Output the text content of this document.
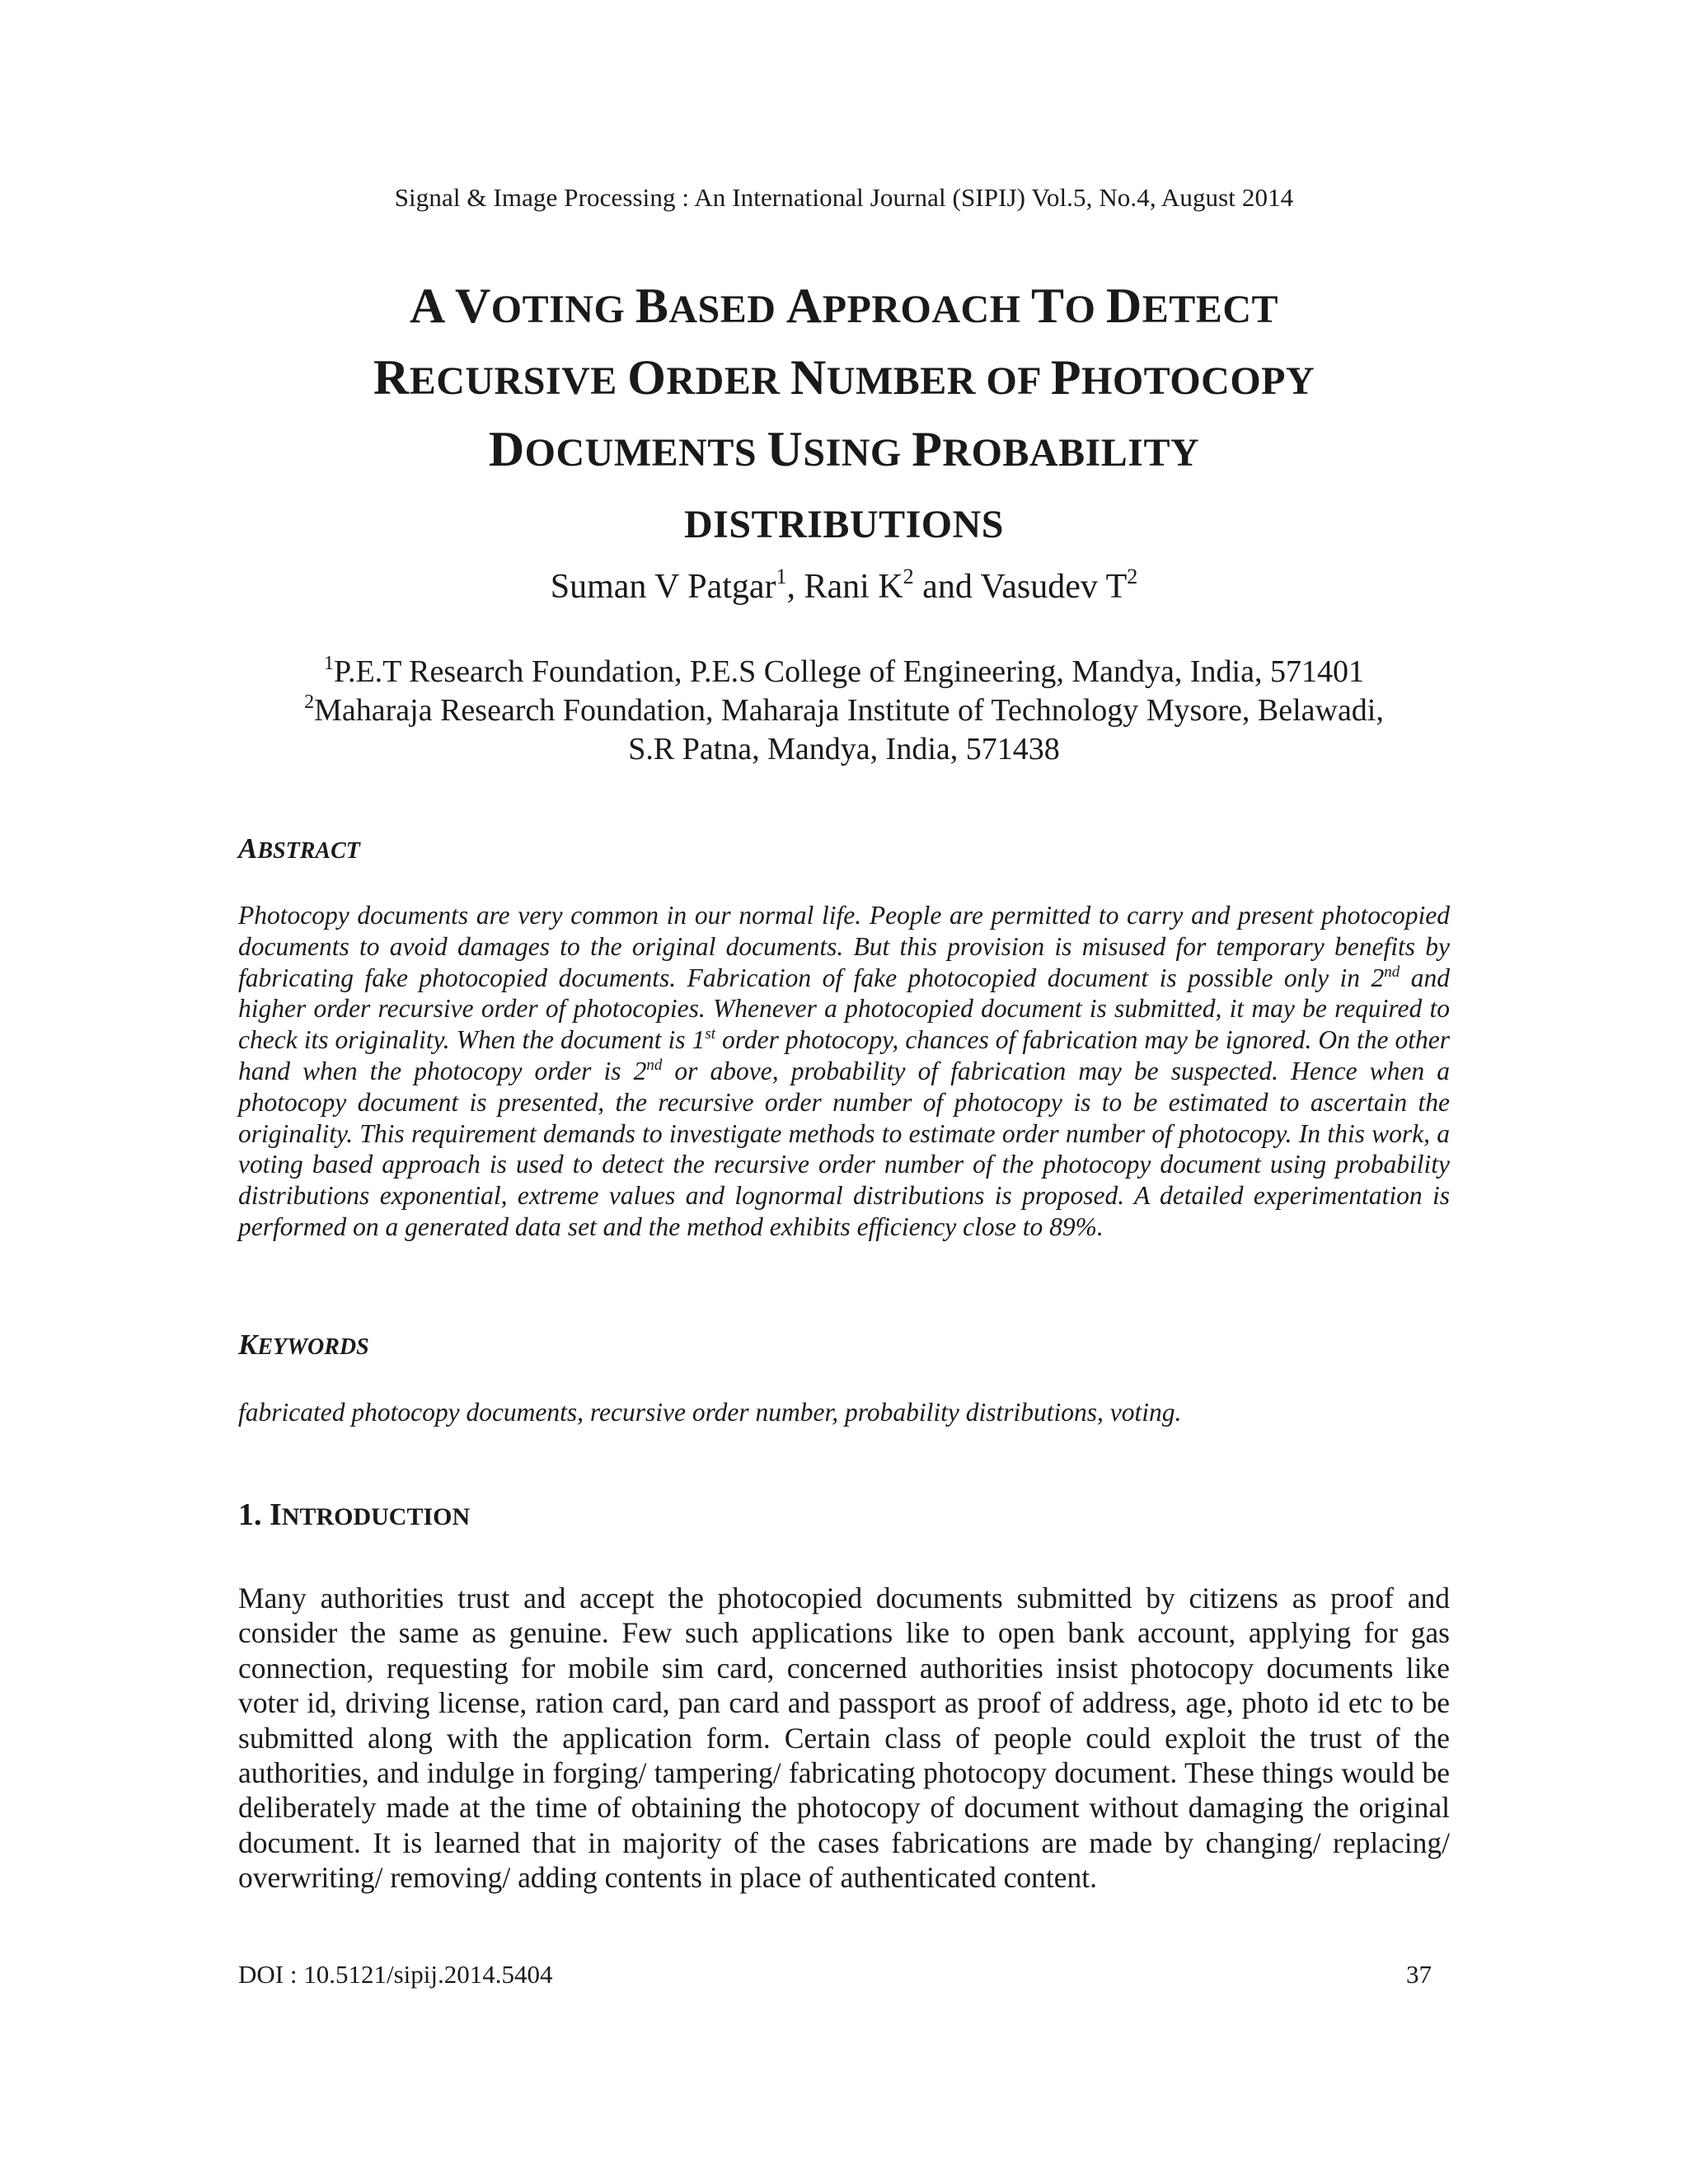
Signal & Image Processing : An International Journal (SIPIJ) Vol.5, No.4, August 2014
A VOTING BASED APPROACH TO DETECT
RECURSIVE ORDER NUMBER OF PHOTOCOPY
DOCUMENTS USING PROBABILITY
DISTRIBUTIONS
Suman V Patgar$^1$, Rani $K^2$ and Vasudev $T^2$
$^1$P.E.T Research Foundation, P.E.S College of Engineering, Mandya, India, 571401
$^2$Maharaja Research Foundation, Maharaja Institute of Technology Mysore, Belawadi,
S.R Patna, Mandya, India, 571438
ABSTRACT
Photocopy documents are very common in our normal life. People are permitted to carry and present photocopied documents to avoid damages to the original documents. But this provision is misused for temporary benefits by fabricating fake photocopied documents. Fabrication of fake photocopied document is possible only in 2nd and higher order recursive order of photocopies. Whenever a photocopied document is submitted, it may be required to check its originality. When the document is 1st order photocopy, chances of fabrication may be ignored. On the other hand when the photocopy order is 2nd or above, probability of fabrication may be suspected. Hence when a photocopy document is presented, the recursive order number of photocopy is to be estimated to ascertain the originality. This requirement demands to investigate methods to estimate order number of photocopy. In this work, a voting based approach is used to detect the recursive order number of the photocopy document using probability distributions exponential, extreme values and lognormal distributions is proposed. A detailed experimentation is performed on a generated data set and the method exhibits efficiency close to 89%.
KEYWORDS
fabricated photocopy documents, recursive order number, probability distributions, voting.
1. INTRODUCTION
Many authorities trust and accept the photocopied documents submitted by citizens as proof and consider the same as genuine. Few such applications like to open bank account, applying for gas connection, requesting for mobile sim card, concerned authorities insist photocopy documents like voter id, driving license, ration card, pan card and passport as proof of address, age, photo id etc to be submitted along with the application form. Certain class of people could exploit the trust of the authorities, and indulge in forging/ tampering/ fabricating photocopy document. These things would be deliberately made at the time of obtaining the photocopy of document without damaging the original document. It is learned that in majority of the cases fabrications are made by changing/ replacing/ overwriting/ removing/ adding contents in place of authenticated content.
DOI : 10.5121/sipij.2014.5404	37
